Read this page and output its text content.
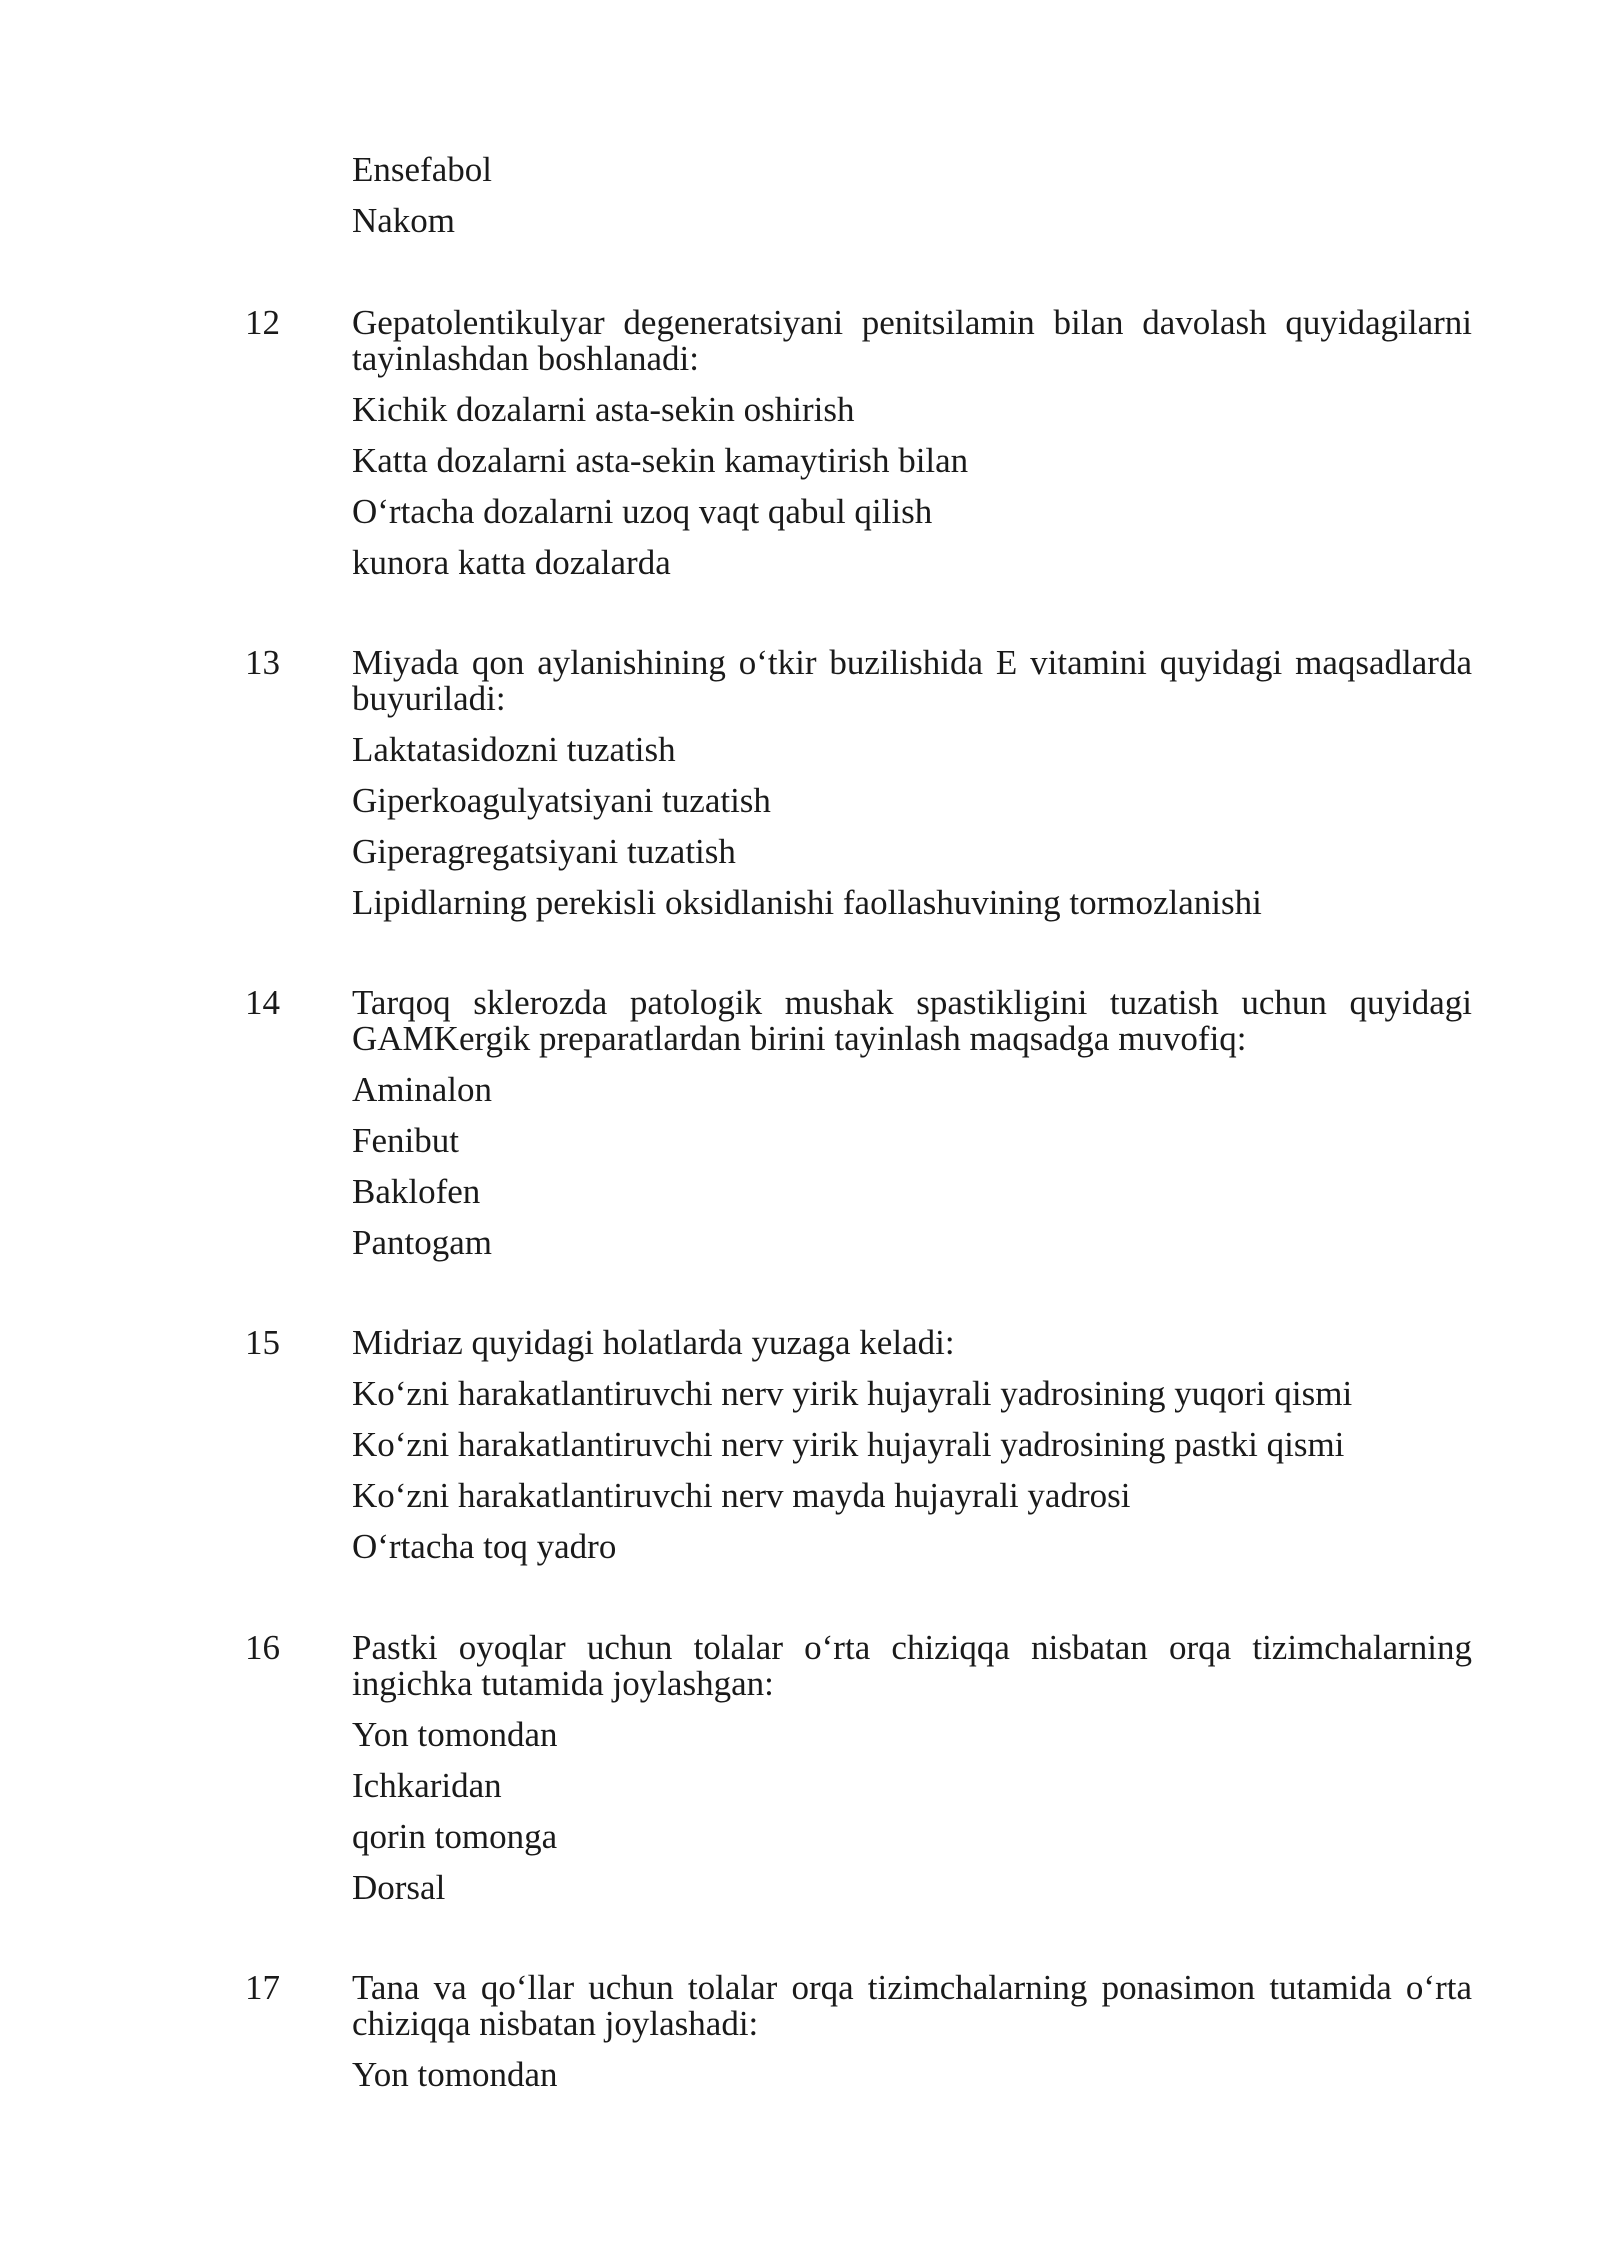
Ensefabol
Nakom
12 Gepatolentikulyar degeneratsiyani penitsilamin bilan davolash quyidagilarni tayinlashdan boshlanadi:
Kichik dozalarni asta-sekin oshirish
Katta dozalarni asta-sekin kamaytirish bilan
O‘rtacha dozalarni uzoq vaqt qabul qilish
kunora katta dozalarda
13 Miyada qon aylanishining o‘tkir buzilishida E vitamini quyidagi maqsadlarda buyuriladi:
Laktatasidozni tuzatish
Giperkoagulyatsiyani tuzatish
Giperagregatsiyani tuzatish
Lipidlarning perekisli oksidlanishi faollashuvining tormozlanishi
14 Tarqoq sklerozda patologik mushak spastikligini tuzatish uchun quyidagi GAMKergik preparatlardan birini tayinlash maqsadga muvofiq:
Aminalon
Fenibut
Baklofen
Pantogam
15 Midriaz quyidagi holatlarda yuzaga keladi:
Ko‘zni harakatlantiruvchi nerv yirik hujayrali yadrosining yuqori qismi
Ko‘zni harakatlantiruvchi nerv yirik hujayrali yadrosining pastki qismi
Ko‘zni harakatlantiruvchi nerv mayda hujayrali yadrosi
O‘rtacha toq yadro
16 Pastki oyoqlar uchun tolalar o‘rta chiziqqa nisbatan orqa tizimchalarning ingichka tutamida joylashgan:
Yon tomondan
Ichkaridan
qorin tomonga
Dorsal
17 Tana va qo‘llar uchun tolalar orqa tizimchalarning ponasimon tutamida o‘rta chiziqqa nisbatan joylashadi:
Yon tomondan
